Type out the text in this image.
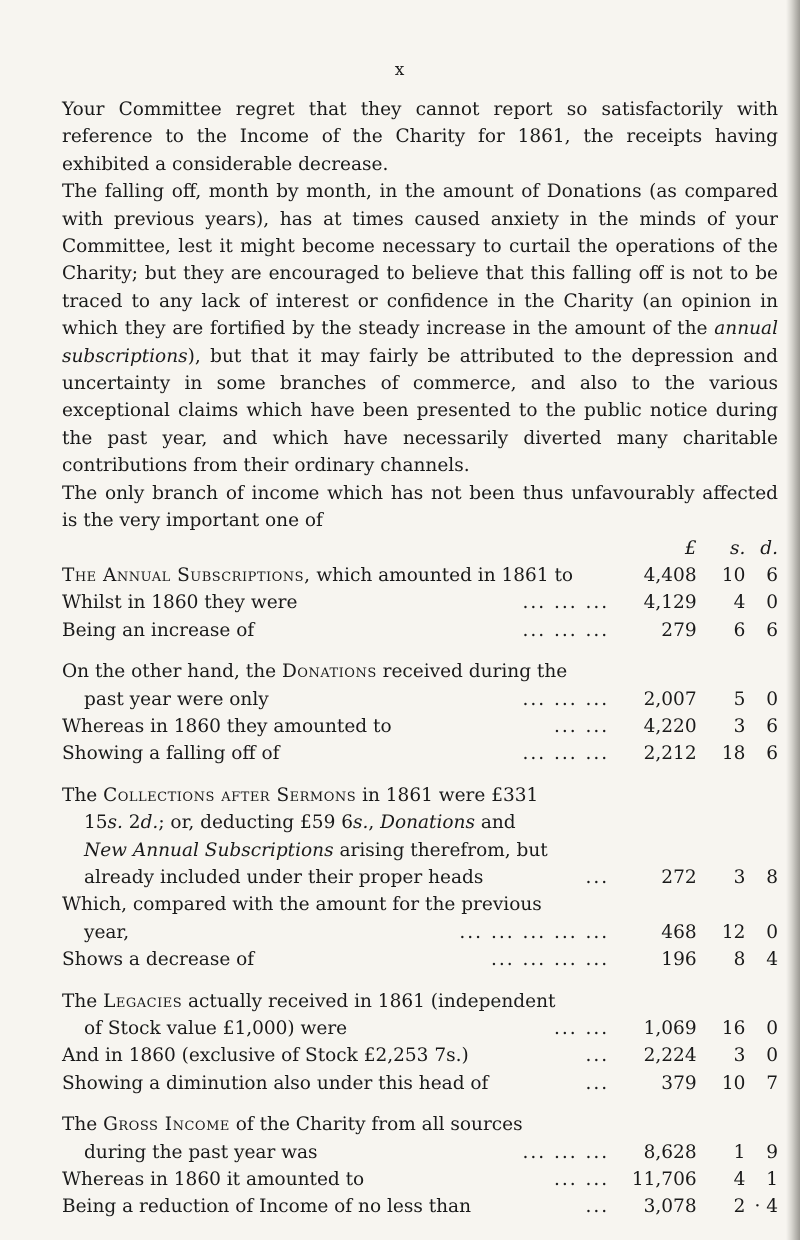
x

Your Committee regret that they cannot report so satisfactorily with reference to the Income of the Charity for 1861, the receipts having exhibited a considerable decrease.

The falling off, month by month, in the amount of Donations (as compared with previous years), has at times caused anxiety in the minds of your Committee, lest it might become necessary to curtail the operations of the Charity; but they are encouraged to believe that this falling off is not to be traced to any lack of interest or confidence in the Charity (an opinion in which they are fortified by the steady increase in the amount of the annual subscriptions), but that it may fairly be attributed to the depression and uncertainty in some branches of commerce, and also to the various exceptional claims which have been presented to the public notice during the past year, and which have necessarily diverted many charitable contributions from their ordinary channels.

The only branch of income which has not been thus unfavourably affected is the very important one of

	£	s.	d.
The Annual Subscriptions, which amounted in 1861 to	4,408	10	6

Whilst in 1860 they were ... ... ...	4,129	4	0

Being an increase of ... ... ...	279	6	6

On the other hand, the Donations received during the			

past year were only ... ... ...	2,007	5	0

Whereas in 1860 they amounted to ... ...	4,220	3	6

Showing a falling off of ... ... ...	2,212	18	6

The Collections after Sermons in 1861 were £331			
15s. 2d.; or, deducting £59 6s., Donations and			
New Annual Subscriptions arising therefrom, but			

already included under their proper heads ...	272	3	8
Which, compared with the amount for the previous			

year, ... ... ... ... ...	468	12	0

Shows a decrease of ... ... ... ...	196	8	4

The Legacies actually received in 1861 (independent			

of Stock value £1,000) were ... ...	1,069	16	0

And in 1860 (exclusive of Stock £2,253 7s.) ...	2,224	3	0

Showing a diminution also under this head of ...	379	10	7

The Gross Income of the Charity from all sources			

during the past year was ... ... ...	8,628	1	9

Whereas in 1860 it amounted to ... ...	11,706	4	1

Being a reduction of Income of no less than ...	3,078	2	· 4
